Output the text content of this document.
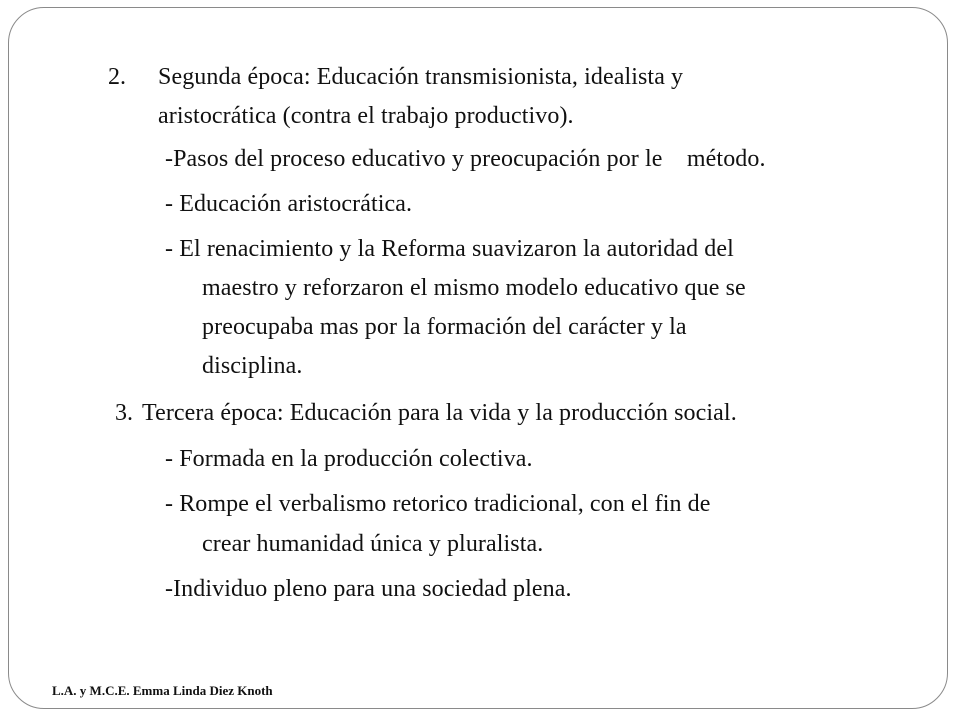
2. Segunda época: Educación transmisionista, idealista y
aristocrática (contra el trabajo productivo).
-Pasos del proceso educativo y preocupación por le    método.
- Educación aristocrática.
- El renacimiento y la Reforma suavizaron la autoridad del
maestro y reforzaron el mismo modelo educativo que se
preocupaba mas por la formación del carácter y la
disciplina.
3. Tercera época: Educación para la vida y la producción social.
- Formada en la producción colectiva.
- Rompe el verbalismo retorico tradicional, con el fin de
crear humanidad única y pluralista.
-Individuo pleno para una sociedad plena.
L.A. y M.C.E. Emma Linda Diez Knoth
